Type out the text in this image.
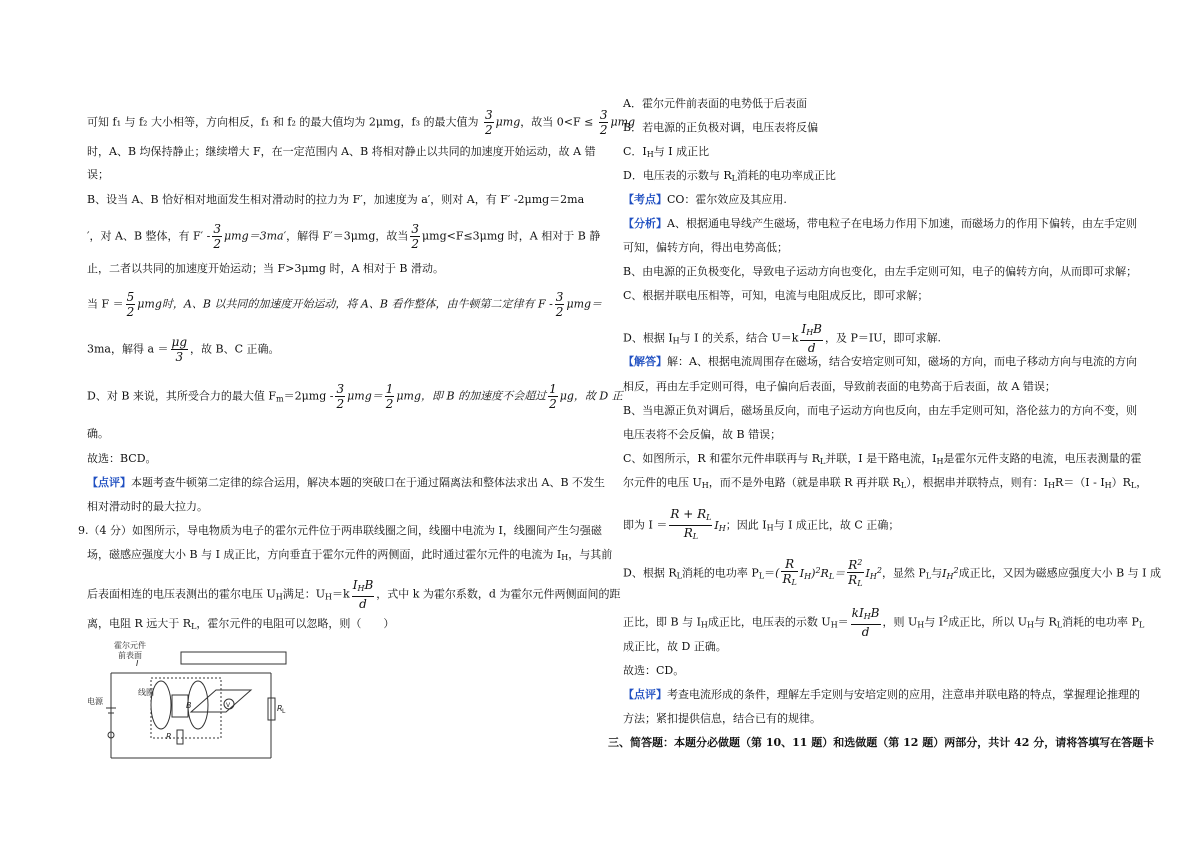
可知 f₁ 与 f₂ 大小相等，方向相反，f₁ 和 f₂ 的最大值均为 2μmg，f₃ 的最大值为 $\frac{3}{2}$ μmg，故当 $0<F \le \frac{3}{2}$ μmg
时，A、B 均保持静止；继续增大 F，在一定范围内 A、B 将相对静止以共同的加速度开始运动，故 A 错
误；
B、设当 A、B 恰好相对地面发生相对滑动时的拉力为 F′，加速度为 a′，则对 A，有 F′ -2μmg＝2ma
′，对 A、B 整体，有 $F' - \frac{3}{2} \mu mg=3ma'$，解得 F′＝3μmg，故当 $\frac{3}{2} \mu mg<F\le 3\mu mg$ 时，A 相对于 B 静
止，二者以共同的加速度开始运动；当 F>3μmg 时，A 相对于 B 滑动。
当 $F = \frac{5}{2}$ μmg时，A、B 以共同的加速度开始运动，将 A、B 看作整体，由牛顿第二定律有 $F - \frac{3}{2} \mu mg=$
3ma，解得 $a = \frac{\mu g}{3}$ ，故 B、C 正确。
D、对 B 来说，其所受合力的最大值 $F_m=2\mu mg - \frac{3}{2} \mu mg= \frac{1}{2}$ μmg，即 B 的加速度不会超过 $\frac{1}{2}$ μg，故 D 正
确。
故选：BCD。
【点评】本题考查牛顿第二定律的综合运用，解决本题的突破口在于通过隔离法和整体法求出 A、B 不发生
相对滑动时的最大拉力。
9.（4 分）如图所示，导电物质为电子的霍尔元件位于两串联线圈之间，线圈中电流为 I，线圈间产生匀强磁
场，磁感应强度大小 B 与 I 成正比，方向垂直于霍尔元件的两侧面，此时通过霍尔元件的电流为 $I_H$，与其前
后表面相连的电压表测出的霍尔电压 $U_H$满足：$U_H=k \frac{I_HB}{d}$ ，式中 k 为霍尔系数，d 为霍尔元件两侧面间的距
离，电阻 R 远大于 $R_L$，霍尔元件的电阻可以忽略，则（　　）
霍尔元件
前表面
I
线圈
电源	B
R
R L
V
A．霍尔元件前表面的电势低于后表面
B．若电源的正负极对调，电压表将反偏
C．$I_H$与 I 成正比
D．电压表的示数与 $R_L$消耗的电功率成正比
【考点】CO：霍尔效应及其应用.
【分析】A、根据通电导线产生磁场，带电粒子在电场力作用下加速，而磁场力的作用下偏转，由左手定则
可知，偏转方向，得出电势高低；
B、由电源的正负极变化，导致电子运动方向也变化，由左手定则可知，电子的偏转方向，从而即可求解；
C、根据并联电压相等，可知，电流与电阻成反比，即可求解；
D、根据 $I_H$与 I 的关系，结合 $U=k \frac{I_HB}{d}$ ，及 P＝IU，即可求解.
【解答】解：A、根据电流周围存在磁场，结合安培定则可知，磁场的方向，而电子移动方向与电流的方向
相反，再由左手定则可得，电子偏向后表面，导致前表面的电势高于后表面，故 A 错误；
B、当电源正负对调后，磁场虽反向，而电子运动方向也反向，由左手定则可知，洛伦兹力的方向不变，则
电压表将不会反偏，故 B 错误；
C、如图所示，R 和霍尔元件串联再与 $R_L$并联，I 是干路电流，$I_H$是霍尔元件支路的电流，电压表测量的霍
尔元件的电压 $U_H$，而不是外电路（就是串联 R 再并联 $R_L$），根据串并联特点，则有：$I_HR=(I - I_H)R_L$，
即为 $I = \frac{R + R_L}{R_L} I_H$；因此 $I_H$与 I 成正比，故 C 正确；
D、根据 $R_L$消耗的电功率 $P_L=( \frac{R}{R_L} I_H)^2R_L= \frac{R^2}{R_L} I_H^2$，显然 $P_L$与$I_H^2$成正比，又因为磁感应强度大小 B 与 I 成
正比，即 B 与 $I_H$成正比，电压表的示数 $U_H= \frac{kI_HB}{d}$ ，则 $U_H$与 $I^2$成正比，所以 $U_H$与 $R_L$消耗的电功率 $P_L$
成正比，故 D 正确。
故选：CD。
【点评】考查电流形成的条件，理解左手定则与安培定则的应用，注意串并联电路的特点，掌握理论推理的
方法；紧扣提供信息，结合已有的规律。
三、简答题：本题分必做题（第 10、11 题）和选做题（第 12 题）两部分，共计 42 分，请将答填写在答题卡
